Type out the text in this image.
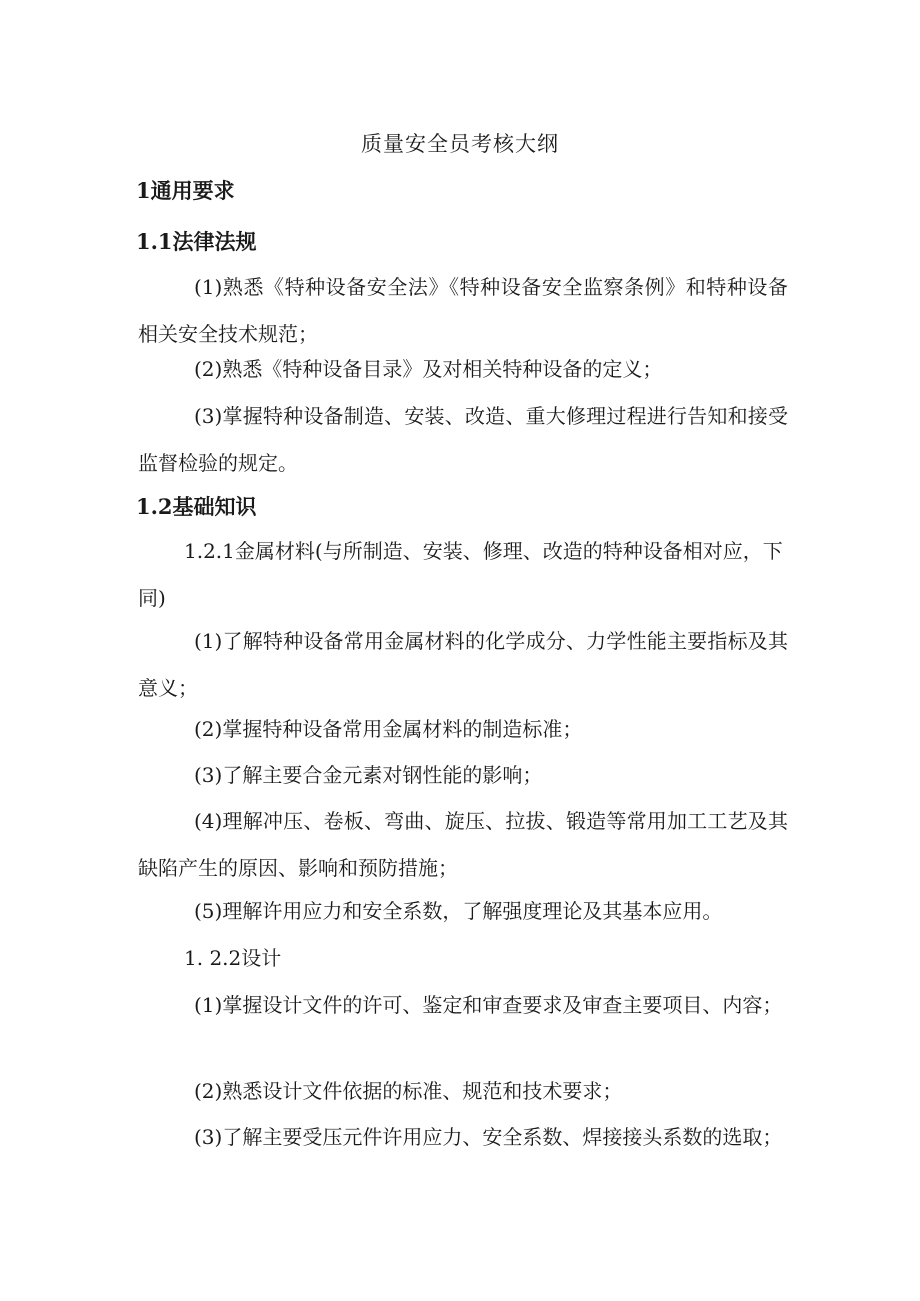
质量安全员考核大纲
1通用要求
1.1法律法规
(1)熟悉《特种设备安全法》《特种设备安全监察条例》和特种设备相关安全技术规范；
(2)熟悉《特种设备目录》及对相关特种设备的定义；
(3)掌握特种设备制造、安装、改造、重大修理过程进行告知和接受监督检验的规定。
1.2基础知识
1.2.1金属材料(与所制造、安装、修理、改造的特种设备相对应，下同)
(1)了解特种设备常用金属材料的化学成分、力学性能主要指标及其意义；
(2)掌握特种设备常用金属材料的制造标准；
(3)了解主要合金元素对钢性能的影响；
(4)理解冲压、卷板、弯曲、旋压、拉拔、锻造等常用加工工艺及其缺陷产生的原因、影响和预防措施；
(5)理解许用应力和安全系数，了解强度理论及其基本应用。
1. 2.2设计
(1)掌握设计文件的许可、鉴定和审查要求及审查主要项目、内容；
(2)熟悉设计文件依据的标准、规范和技术要求；
(3)了解主要受压元件许用应力、安全系数、焊接接头系数的选取；
